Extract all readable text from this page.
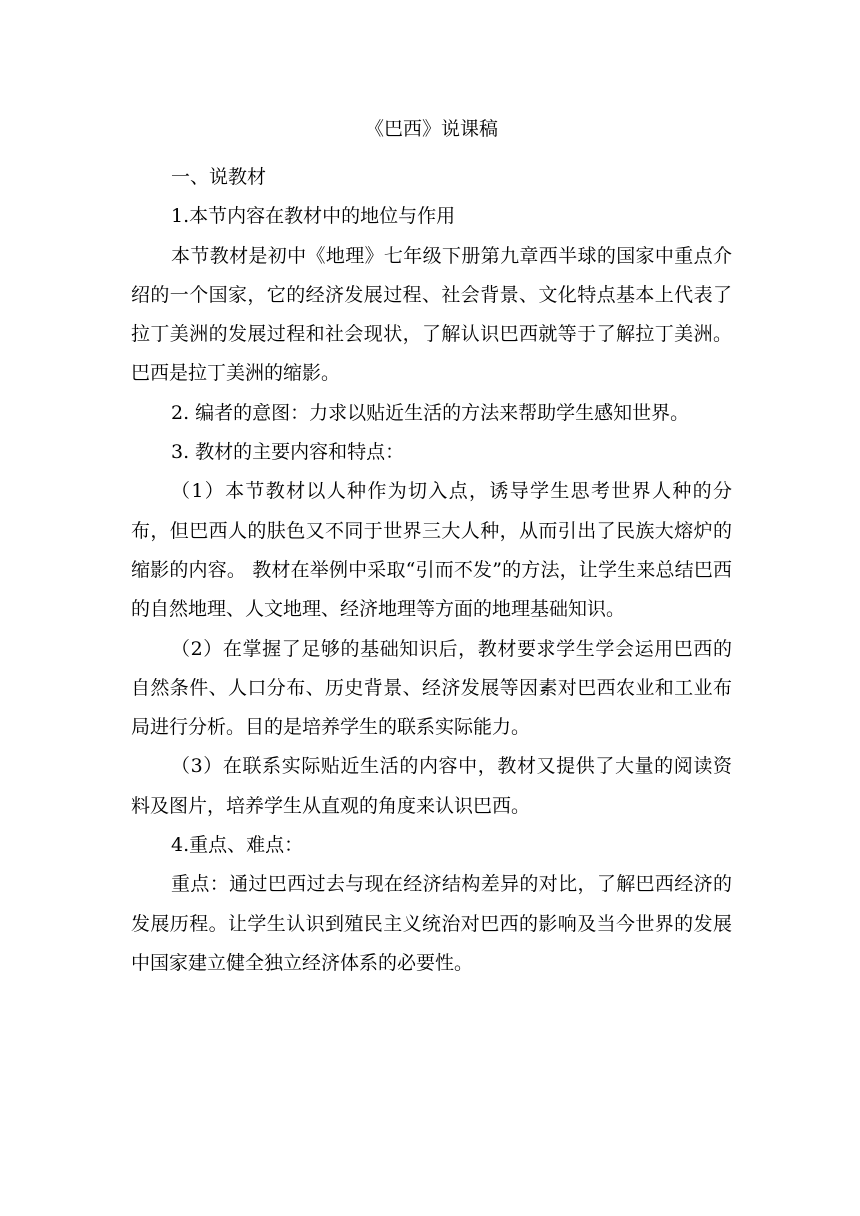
《巴西》说课稿

一、说教材

1.本节内容在教材中的地位与作用

本节教材是初中《地理》七年级下册第九章西半球的国家中重点介绍的一个国家，它的经济发展过程、社会背景、文化特点基本上代表了拉丁美洲的发展过程和社会现状，了解认识巴西就等于了解拉丁美洲。巴西是拉丁美洲的缩影。

2. 编者的意图：力求以贴近生活的方法来帮助学生感知世界。

3. 教材的主要内容和特点：

（1）本节教材以人种作为切入点，诱导学生思考世界人种的分布，但巴西人的肤色又不同于世界三大人种，从而引出了民族大熔炉的缩影的内容。 教材在举例中采取“引而不发”的方法，让学生来总结巴西的自然地理、人文地理、经济地理等方面的地理基础知识。

（2）在掌握了足够的基础知识后，教材要求学生学会运用巴西的自然条件、人口分布、历史背景、经济发展等因素对巴西农业和工业布局进行分析。目的是培养学生的联系实际能力。

（3）在联系实际贴近生活的内容中，教材又提供了大量的阅读资料及图片，培养学生从直观的角度来认识巴西。

4.重点、难点：

重点：通过巴西过去与现在经济结构差异的对比，了解巴西经济的发展历程。让学生认识到殖民主义统治对巴西的影响及当今世界的发展中国家建立健全独立经济体系的必要性。
